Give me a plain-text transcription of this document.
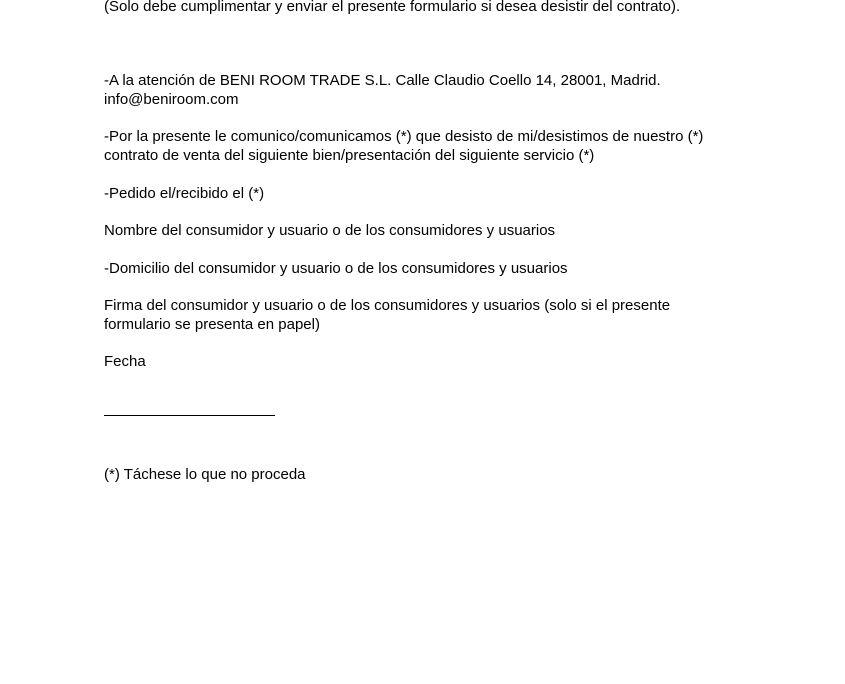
(Solo debe cumplimentar y enviar el presente formulario si desea desistir del contrato).

-A la atención de BENI ROOM TRADE S.L. Calle Claudio Coello 14, 28001, Madrid.

info@beniroom.com

-Por la presente le comunico/comunicamos (*) que desisto de mi/desistimos de nuestro (*)

contrato de venta del siguiente bien/presentación del siguiente servicio (*)

-Pedido el/recibido el (*)

Nombre del consumidor y usuario o de los consumidores y usuarios

-Domicilio del consumidor y usuario o de los consumidores y usuarios

Firma del consumidor y usuario o de los consumidores y usuarios (solo si el presente

formulario se presenta en papel)

Fecha

(*) Táchese lo que no proceda
